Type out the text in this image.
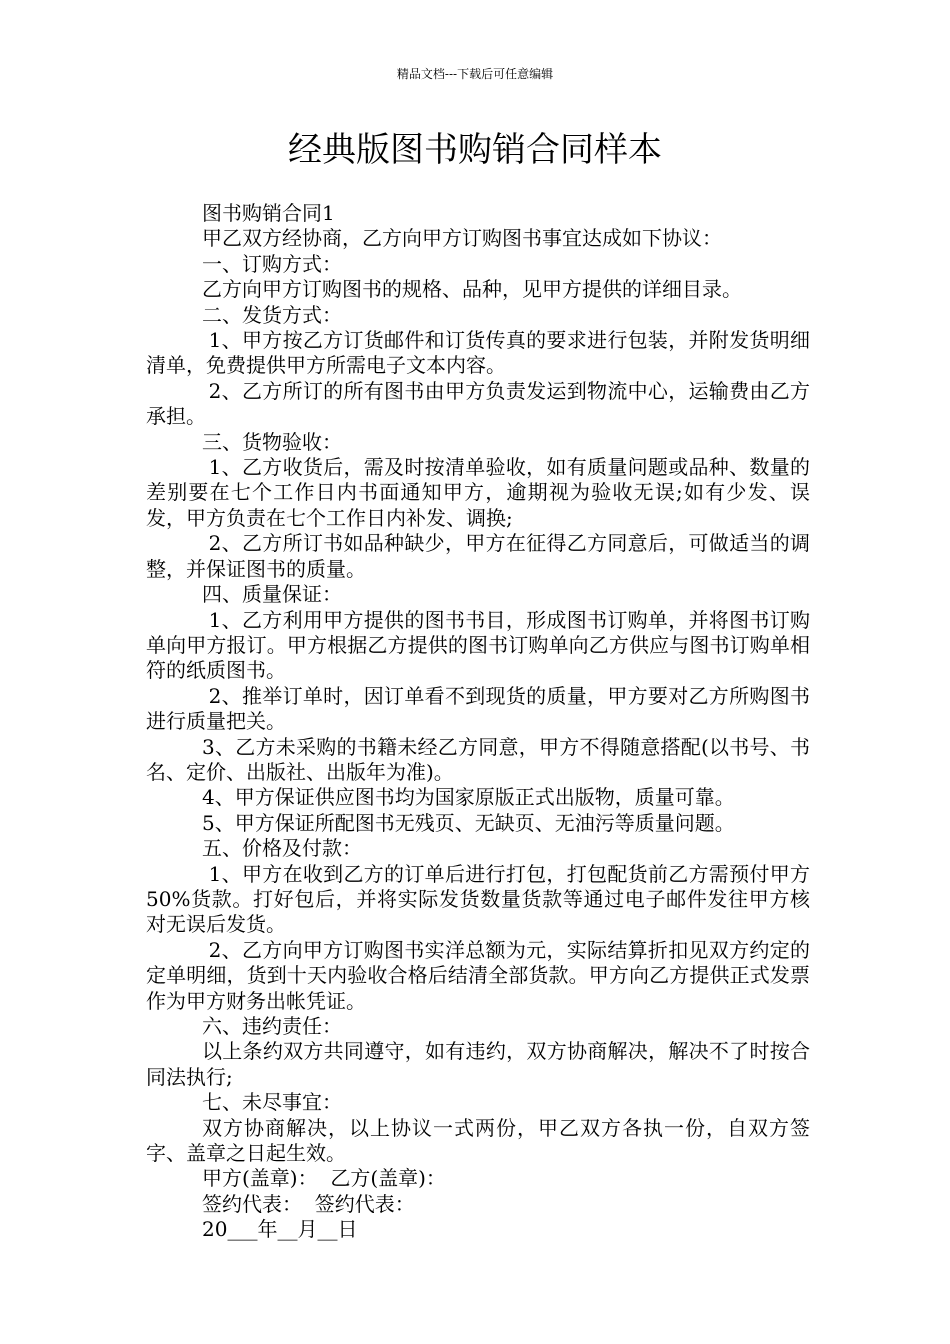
精品文档---下载后可任意编辑
经典版图书购销合同样本

图书购销合同1

甲乙双方经协商，乙方向甲方订购图书事宜达成如下协议：

一、订购方式：

乙方向甲方订购图书的规格、品种，见甲方提供的详细目录。

二、发货方式：

1、甲方按乙方订货邮件和订货传真的要求进行包装，并附发货明细清单，免费提供甲方所需电子文本内容。

2、乙方所订的所有图书由甲方负责发运到物流中心，运输费由乙方承担。

三、货物验收：

1、乙方收货后，需及时按清单验收，如有质量问题或品种、数量的差别要在七个工作日内书面通知甲方，逾期视为验收无误;如有少发、误发，甲方负责在七个工作日内补发、调换;

2、乙方所订书如品种缺少，甲方在征得乙方同意后，可做适当的调整，并保证图书的质量。

四、质量保证：

1、乙方利用甲方提供的图书书目，形成图书订购单，并将图书订购单向甲方报订。甲方根据乙方提供的图书订购单向乙方供应与图书订购单相符的纸质图书。

2、推举订单时，因订单看不到现货的质量，甲方要对乙方所购图书进行质量把关。

3、乙方未采购的书籍未经乙方同意，甲方不得随意搭配(以书号、书名、定价、出版社、出版年为准)。

4、甲方保证供应图书均为国家原版正式出版物，质量可靠。

5、甲方保证所配图书无残页、无缺页、无油污等质量问题。

五、价格及付款：

1、甲方在收到乙方的订单后进行打包，打包配货前乙方需预付甲方50%货款。打好包后，并将实际发货数量货款等通过电子邮件发往甲方核对无误后发货。

2、乙方向甲方订购图书实洋总额为元，实际结算折扣见双方约定的定单明细，货到十天内验收合格后结清全部货款。甲方向乙方提供正式发票作为甲方财务出帐凭证。

六、违约责任：

以上条约双方共同遵守，如有违约，双方协商解决，解决不了时按合同法执行;

七、未尽事宜：

双方协商解决，以上协议一式两份，甲乙双方各执一份，自双方签字、盖章之日起生效。

甲方(盖章)：  乙方(盖章)：

签约代表：  签约代表：

20___年__月__日
